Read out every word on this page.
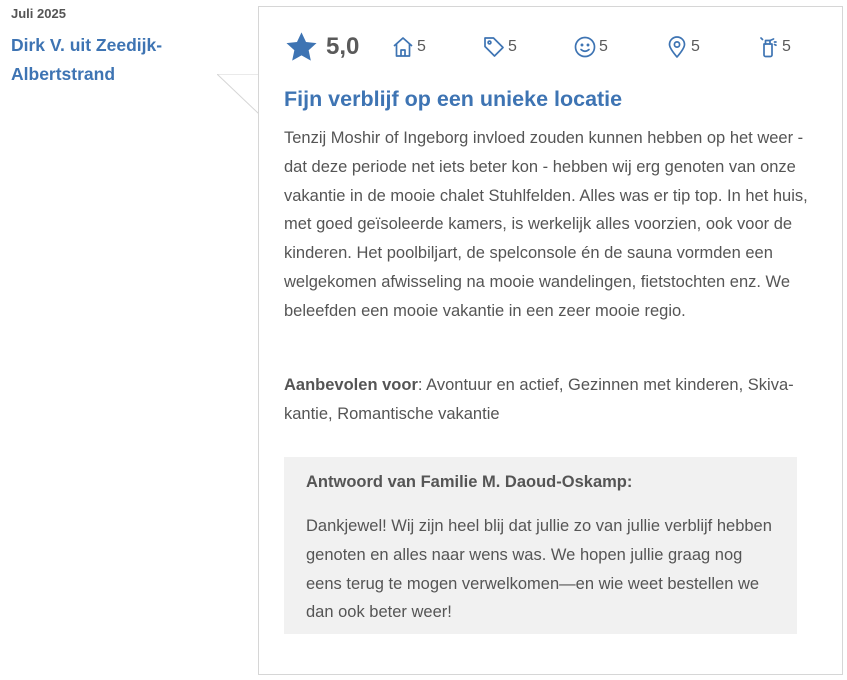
Juli 2025
Dirk V. uit Zeedijk-Albertstrand
5,0	5	5	5	5	5
Fijn verblijf op een unieke locatie

Tenzij Moshir of Ingeborg invloed zouden kunnen hebben op het weer - dat deze periode net iets beter kon - hebben wij erg genoten van onze vakantie in de mooie chalet Stuhlfelden. Alles was er tip top. In het huis, met goed geïsoleerde kamers, is werkelijk alles voorzien, ook voor de kinderen. Het poolbiljart, de spelconsole én de sauna vormden een welgekomen afwisseling na mooie wandelingen, fietstochten enz. We beleefden een mooie vakantie in een zeer mooie regio.

Aanbevolen voor: Avontuur en actief, Gezinnen met kinderen, Skivakantie, Romantische vakantie

Antwoord van Familie M. Daoud-Oskamp:

Dankjewel! Wij zijn heel blij dat jullie zo van jullie verblijf hebben genoten en alles naar wens was. We hopen jullie graag nog eens terug te mogen verwelkomen—en wie weet bestellen we dan ook beter weer!
